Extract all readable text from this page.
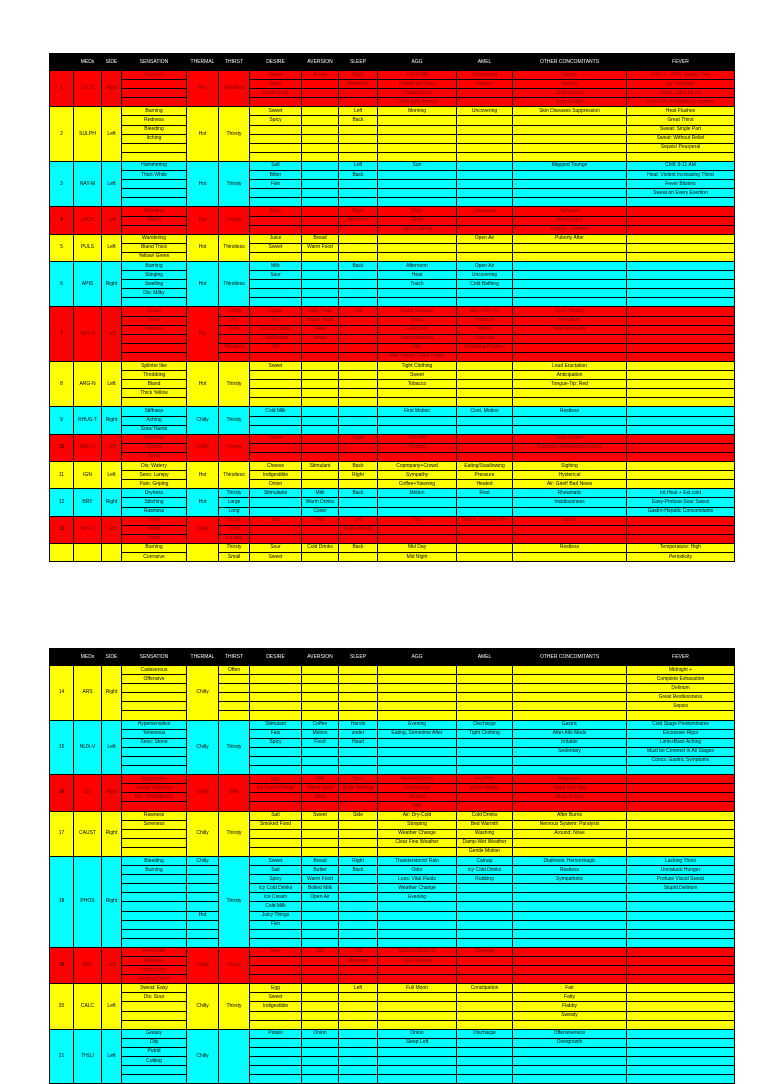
	MEDs	SIDE	SENSATION	THERMAL	THIRST	DESIRE	AVERSION	SLEEP	AGG	AMEL	OTHER CONCOMITANTS	FEVER
1	LYCO	Right	Dryness	Hot	Thirstless	Sweet	Bread	Right	4 to 8 PM	Uncovering	Gastric	Chill: 4 - 7PM, Sweet Then
						Spicy		Abdomen	Flatulence Food	Motion	Urinary	Icy Coldness
						Warm Food			Flatus/Stools		Chilling Foot	Feels: Lying on Ice
									Cold/Light: Brunch		Easy Satiety	One Chill, Followed by another
2	SULPH	Left	Burning	Hot	Thirsty	Sweet		Left	Morning	Uncovering	Skin Diseases Suppression	Heat Flushes
			Redness			Spicy		Back				Great Thirst
			Bleeding									Sweat: Single Part
			Itching									Sweat: Without Relief
												Sepsis/ Peurperal

3	NAT-M	Left	Hammering	Hot	Thirsty	Salt		Left	Sun		Mapped Tounge	Chill: 9-11 AM
			Thick White			Bitter		Back				Heat: Violent Increasing Thirst
						Fish						Fever Blisters
												Sweat on Every Exertion

4	LACH	Left	Bleeding	Hot	Thirsty	Spicy		Right	Night	Discharge	Turbulent	
			Bluish					Abdomen	Sleep		Menopause	
									Tight Clothing		Tongue: Trembles	
5	PULS	Left	Wandering	Hot	Thirstless	Juice	Bread			Open Air	Puberty After	
			Bland Thick			Sweet	Warm Food					
			Yellow/ Green									
6	APIS	Right	Burning	Hot	Thirstless	Milk		Back	Afternoon	Open Air		
			Stinging			Sour			Heat	Uncovering		
			Swelling						Touch	Cold Bathing		
			Dis: Milky									

7	NAT-S	Left	Green	Hot	Thirsty	Yogurt	Fatty Food	Left	Damp Weather	Warm Dry Air	Injury History	
			Thick		for	Ice	Warm Food		Music	Pressure	Periodicity	
			Copious		Cold	Ice-cold Water	Meat		Lying Left	Sitting	Slow Recovery	
						Cold Drinks	Bread		During Menses	Open Air		
					Thirstless	Salt			Rain	Changing Position		
									Milk: Potato, Fatty Foods			
8	ARG-N	Left	Splinter like	Hot	Thirsty	Sweet			Tight Clothing		Loud Eructation	
			Throbbing						Sweet		Anticipation	
			Bland						Tobacco		Tongue-Tip: Red	
			Thick Yellow									

9	RHUS-T	Right	Stiffness	Chilly	Thirsty	Cold Milk			First Motion	Cont. Motion	Restless	
			Aching									
			Sore/ Numb									
10	KALI-C	Left	Stitching	Chilly	Thirsty	Sweet		Right	3:00 AM		Easy Satiety	
			Profuse						Yawning		Backache+Weakness+Sweat	
			Acrid									
11	IGN	Left	Dis: Watery	Hot	Thirstless	Cheese	Stimulant	Back	Copmpany+Crowd	Eating/Swallowing	Sighing	
			Sens: Lumpy			Indigestible		Right	Sympathy	Pressure	Hysterical	
			Pain: Griping			Onion			Coffee+Yawning	Heated	Air: Grief/ Bad News	
12	BRY	Right	Dryness	Hot	Thirsty	Stimulants	Milk	Back	Motion	Rest	Rheumatic	Int.Heat + Ext.cold
			Stitching		Large		Warm Drinks				Insidiousness	Easy-Profuse-Sour Sweat
			Rawness		Long		Cover					Gastro-Hepatic Concomitants
13	NIC-C	Left	Thick	Chilly	Thirsty	Salt	Milk	Left	Sun	Boring, Kissing/ Bite	Gastric	
			Yellow		Cold			Open Mouth				
			Putrid		Ice Ago							
			Burning		Thirsty	Sour	Cold Drinks	Back	Mid Day		Restless	Temperature: High
			Corrosive		Small	Sweet			Mid Night			Periodicity
	MEDs	SIDE	SENSATION	THERMAL	THIRST	DESIRE	AVERSION	SLEEP	AGG	AMEL	OTHER CONCOMITANTS	FEVER
14	ARS	Right	Cadaverous	Chilly	Often							Midnight +
			Offensive									Complete Exhaustion
												Delirium
												Great Restlessness
												Sepsis

15	NUX-V	Left	Hypersensitive	Chilly	Thirsty	Stimulant	Coffee	Hands	Evening	Discharge	Gastric	Cold Stage Predominates
			Tenesmus			Fats	Motion	under	Eating, Sometime After	Tight Clothing	After Allo Meds	Excessive Rigor
			Sens: Stone			Spicy	Food	Head			Irritable	Limb+Back Aching
											Sedentary	Must be Covered in All Stages
												Concs: Gastric Symptoms

16	SIL	Right	Suppurative	Chilly	Both	Egg	Milk	Back	New/Full Moon	Heat/Hot	Weakness	
			Sweat: Offensive			Ice Cream/Water	Warm Food	Right Walking	Uncovering	Warm Wraps	Sleep and Skin	
			Dis: Thick/Bloody				Meat		Alcohol		Head or Grip	
									Milk			
17	CAUST	Right	Rawness	Chilly	Thirsty	Salt	Sweet	Side	Air: Dry-Cold	Cold Drinks	After Burns	
			Soreness			Smoked Food			Stooping	Bed Warmth	Nervous System: Paralysis	
									Weather Change	Washing	Around: Nose	
									Clear Fine Weather	Damp-Wet Weather		
										Gentle Motion		
18	PHOS	Right	Bleeding	Chilly	Thirsty	Sweet	Bread	Right	Thunderstorm/ Rain	Catnap	Diathesis: Hemorrhagic	Lacking Thirst
			Burning			Salt	Butter	Back	Odor	Icy Cold Drinks	Restless	Unnatural Hunger
						Spicy	Warm Food		Loss: Vital Fluids	Rubbing	Sympathetic	Profuse Viscid Sweat
						Icy Cold Drinks	Boiled Milk		Weather Change			Stupid Delirium
						Ice Cream	Open Air		Evening			
						Cold Milk						
				Hot		Juicy Things						
						Fish						

19	HEP	Left	Fresh Pain	Chilly	Thirsty	Sour	Salt	Left	Mattress/BIKE/G	Sleeping		
			Adhesive					Abdomen	Tight Clothing			
			Hasty/hate									
			Sensing Down									
20	CALC	Left	Sweat: Easy	Chilly	Thirsty	Egg		Left	Full Moon	Constipation	Fair	
			Dis: Sour			Sweet					Fatty	
						Indigestible					Flabby	
											Sweaty	

21	THUJ	Left	Greasy	Chilly		Potato	Onion		Onion	Discharge	Offensiveness	
			Oily						Sleep Left		Overgrowth	
			Putrid									
			Cutting									
